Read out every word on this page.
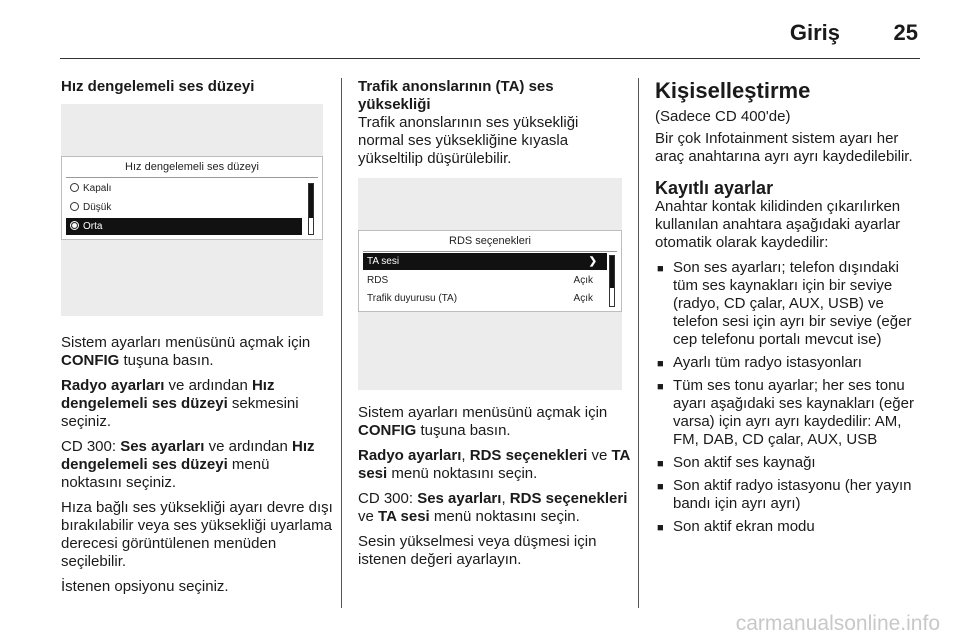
Giriş 25
Hız dengelemeli ses düzeyi
Hız dengelemeli ses düzeyi
Kapalı
Düşük
Orta

Sistem ayarları menüsünü açmak için CONFIG tuşuna basın.

Radyo ayarları ve ardından Hız dengelemeli ses düzeyi sekmesini seçiniz.

CD 300: Ses ayarları ve ardından Hız dengelemeli ses düzeyi menü noktasını seçiniz.

Hıza bağlı ses yüksekliği ayarı devre dışı bırakılabilir veya ses yüksekliği uyarlama derecesi görüntülenen menüden seçilebilir.

İstenen opsiyonu seçiniz.

Trafik anonslarının (TA) ses yüksekliği

Trafik anonslarının ses yüksekliği normal ses yüksekliğine kıyasla yükseltilip düşürülebilir.

RDS seçenekleri
TA sesi	❯
RDS	Açık
Trafik duyurusu (TA)	Açık

Sistem ayarları menüsünü açmak için CONFIG tuşuna basın.

Radyo ayarları, RDS seçenekleri ve TA sesi menü noktasını seçin.

CD 300: Ses ayarları, RDS seçenekleri ve TA sesi menü noktasını seçin.

Sesin yükselmesi veya düşmesi için istenen değeri ayarlayın.

Kişiselleştirme

(Sadece CD 400'de)

Bir çok Infotainment sistem ayarı her araç anahtarına ayrı ayrı kaydedilebilir.

Kayıtlı ayarlar

Anahtar kontak kilidinden çıkarılırken kullanılan anahtara aşağıdaki ayarlar otomatik olarak kaydedilir:

■ Son ses ayarları; telefon dışındaki tüm ses kaynakları için bir seviye (radyo, CD çalar, AUX, USB) ve telefon sesi için ayrı bir seviye (eğer cep telefonu portalı mevcut ise)
■ Ayarlı tüm radyo istasyonları
■ Tüm ses tonu ayarlar; her ses tonu ayarı aşağıdaki ses kaynakları (eğer varsa) için ayrı ayrı kaydedilir: AM, FM, DAB, CD çalar, AUX, USB
■ Son aktif ses kaynağı
■ Son aktif radyo istasyonu (her yayın bandı için ayrı ayrı)
■ Son aktif ekran modu
carmanualsonline.info
